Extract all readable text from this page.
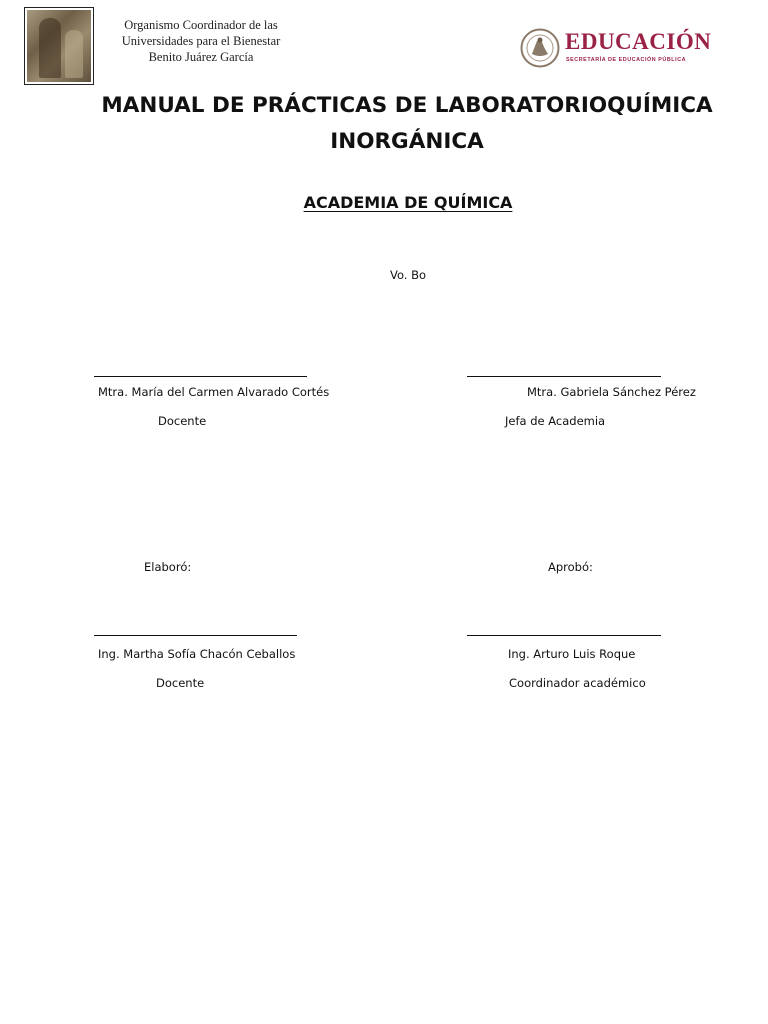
Organismo Coordinador de las
Universidades para el Bienestar
Benito Juárez García
EDUCACIÓN
SECRETARÍA DE EDUCACIÓN PÚBLICA
MANUAL DE PRÁCTICAS DE LABORATORIOQUÍMICA INORGÁNICA
ACADEMIA DE QUÍMICA
Vo. Bo
Mtra. María del Carmen Alvarado Cortés	Mtra. Gabriela Sánchez Pérez
Docente	Jefa de Academia
Elaboró:	Aprobó:
Ing. Martha Sofía Chacón Ceballos	Ing. Arturo Luis Roque
Docente	Coordinador académico
